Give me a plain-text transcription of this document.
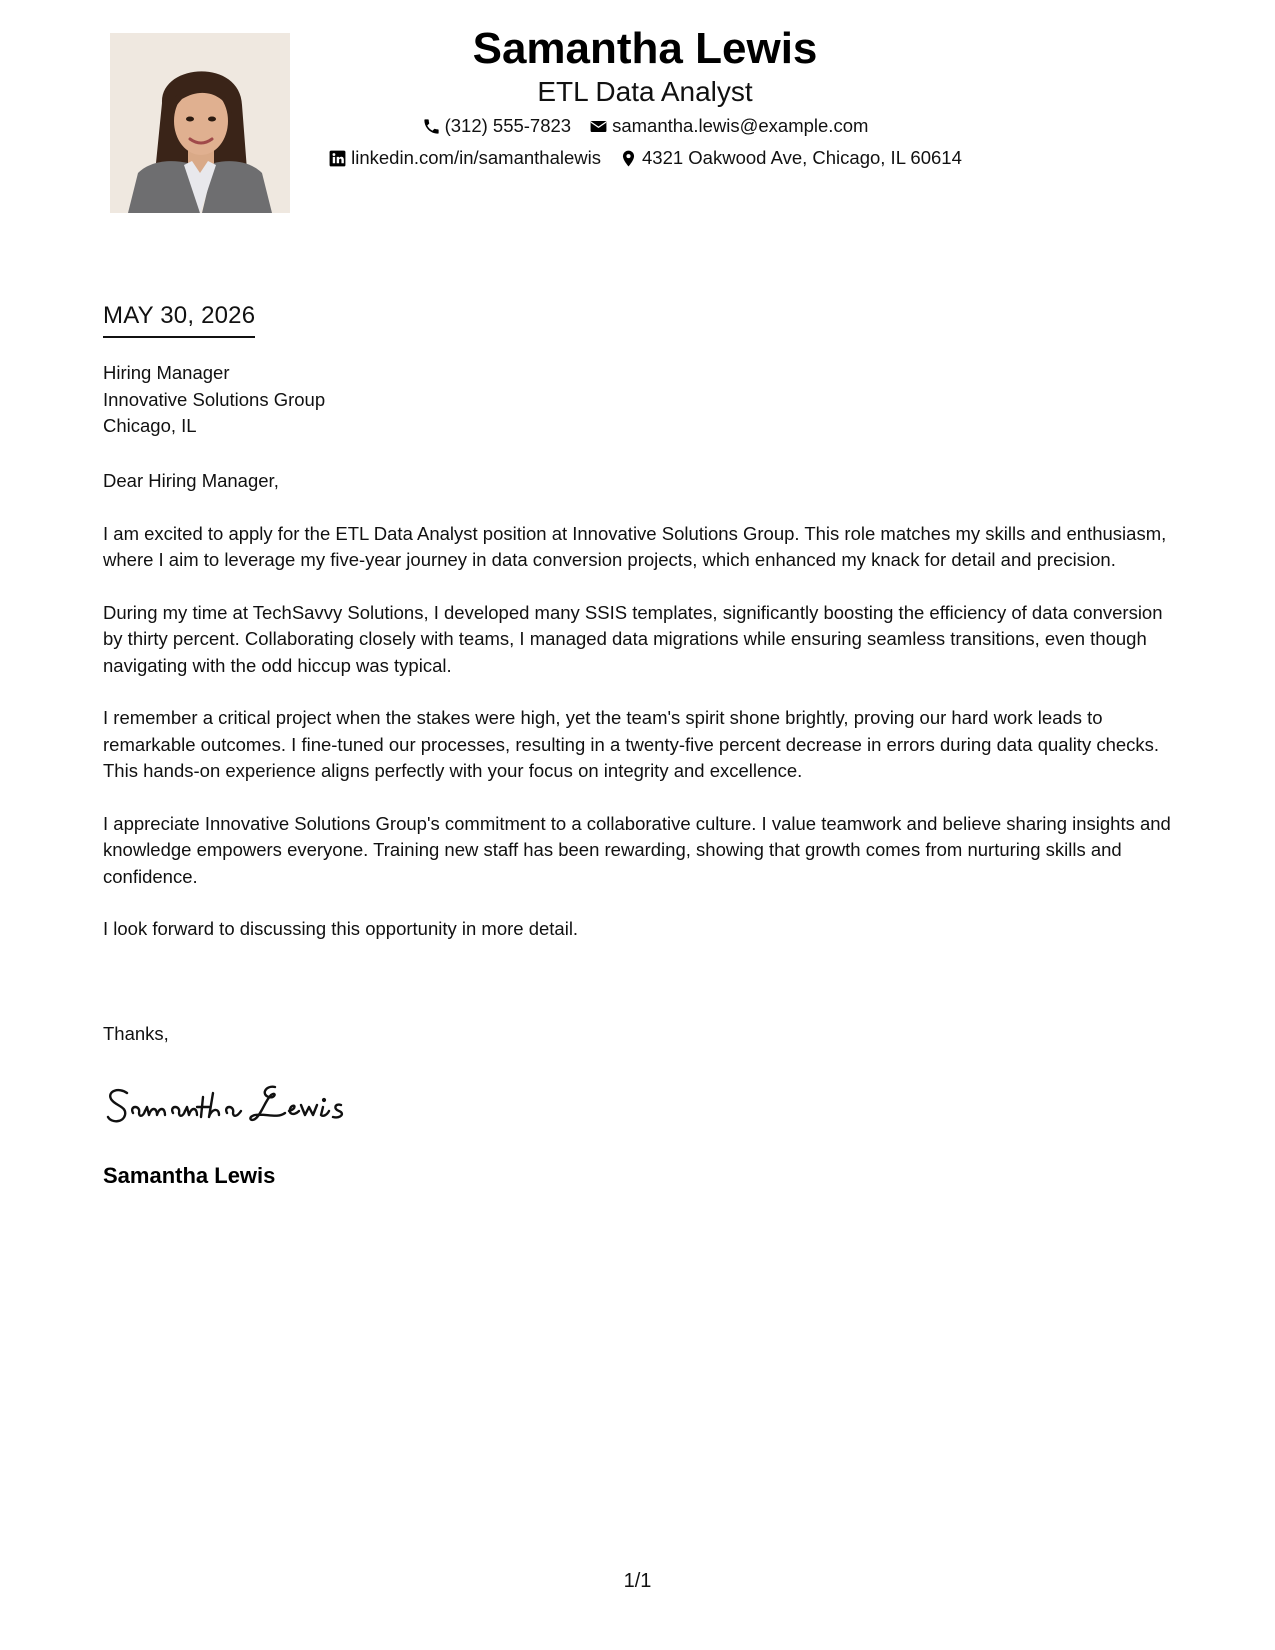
Samantha Lewis
ETL Data Analyst
(312) 555-7823 samantha.lewis@example.com
linkedin.com/in/samanthalewis 4321 Oakwood Ave, Chicago, IL 60614
MAY 30, 2026
Hiring Manager
Innovative Solutions Group
Chicago, IL

Dear Hiring Manager,

I am excited to apply for the ETL Data Analyst position at Innovative Solutions Group. This role matches my skills and enthusiasm, where I aim to leverage my five-year journey in data conversion projects, which enhanced my knack for detail and precision.

During my time at TechSavvy Solutions, I developed many SSIS templates, significantly boosting the efficiency of data conversion by thirty percent. Collaborating closely with teams, I managed data migrations while ensuring seamless transitions, even though navigating with the odd hiccup was typical.

I remember a critical project when the stakes were high, yet the team's spirit shone brightly, proving our hard work leads to remarkable outcomes. I fine-tuned our processes, resulting in a twenty-five percent decrease in errors during data quality checks. This hands-on experience aligns perfectly with your focus on integrity and excellence.

I appreciate Innovative Solutions Group's commitment to a collaborative culture. I value teamwork and believe sharing insights and knowledge empowers everyone. Training new staff has been rewarding, showing that growth comes from nurturing skills and confidence.

I look forward to discussing this opportunity in more detail.

Thanks,
Samantha Lewis
1/1
